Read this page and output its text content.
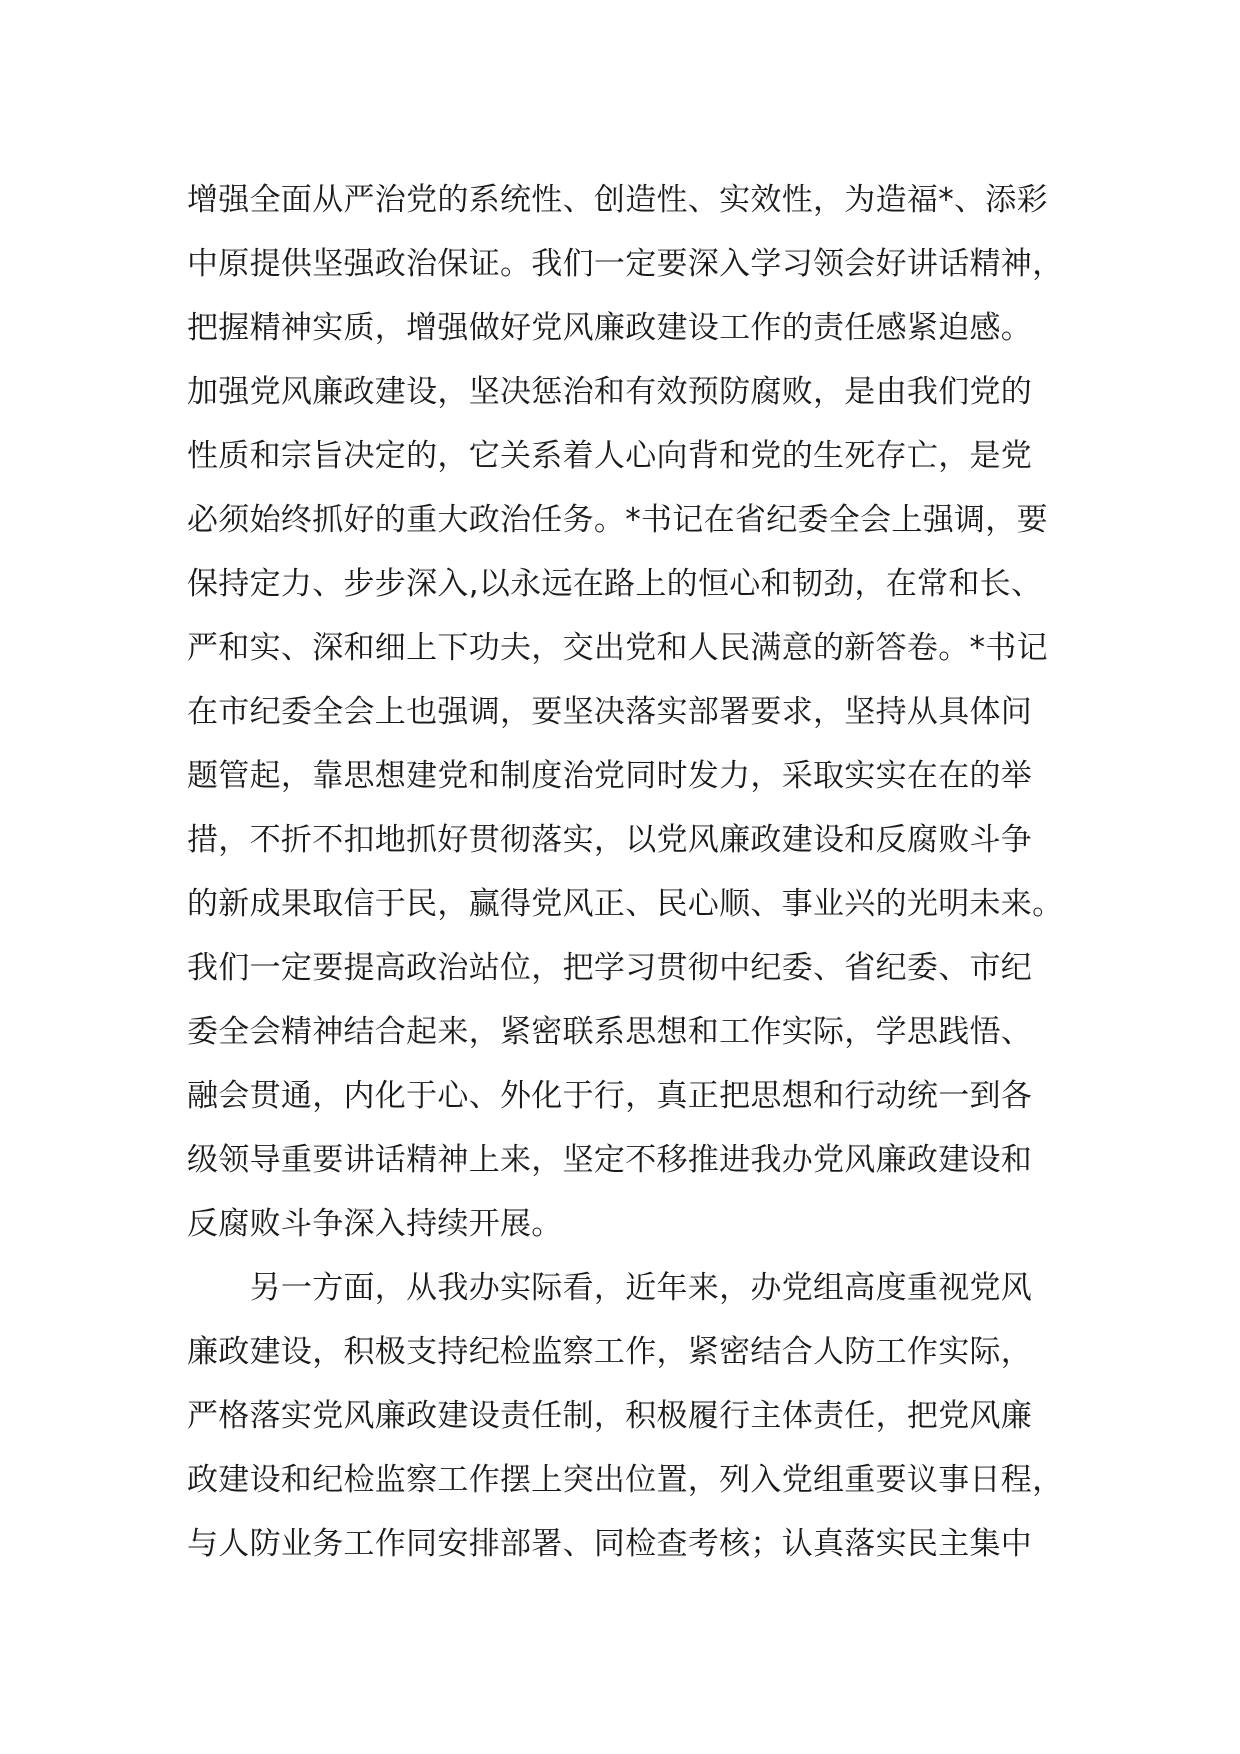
增强全面从严治党的系统性、创造性、实效性，为造福*、添彩
中原提供坚强政治保证。我们一定要深入学习领会好讲话精神，
把握精神实质，增强做好党风廉政建设工作的责任感紧迫感。
加强党风廉政建设，坚决惩治和有效预防腐败，是由我们党的
性质和宗旨决定的，它关系着人心向背和党的生死存亡，是党
必须始终抓好的重大政治任务。*书记在省纪委全会上强调，要
保持定力、步步深入,以永远在路上的恒心和韧劲，在常和长、
严和实、深和细上下功夫，交出党和人民满意的新答卷。*书记
在市纪委全会上也强调，要坚决落实部署要求，坚持从具体问
题管起，靠思想建党和制度治党同时发力，采取实实在在的举
措，不折不扣地抓好贯彻落实，以党风廉政建设和反腐败斗争
的新成果取信于民，赢得党风正、民心顺、事业兴的光明未来。
我们一定要提高政治站位，把学习贯彻中纪委、省纪委、市纪
委全会精神结合起来，紧密联系思想和工作实际，学思践悟、
融会贯通，内化于心、外化于行，真正把思想和行动统一到各
级领导重要讲话精神上来，坚定不移推进我办党风廉政建设和
反腐败斗争深入持续开展。
　　另一方面，从我办实际看，近年来，办党组高度重视党风
廉政建设，积极支持纪检监察工作，紧密结合人防工作实际，
严格落实党风廉政建设责任制，积极履行主体责任，把党风廉
政建设和纪检监察工作摆上突出位置，列入党组重要议事日程，
与人防业务工作同安排部署、同检查考核；认真落实民主集中
